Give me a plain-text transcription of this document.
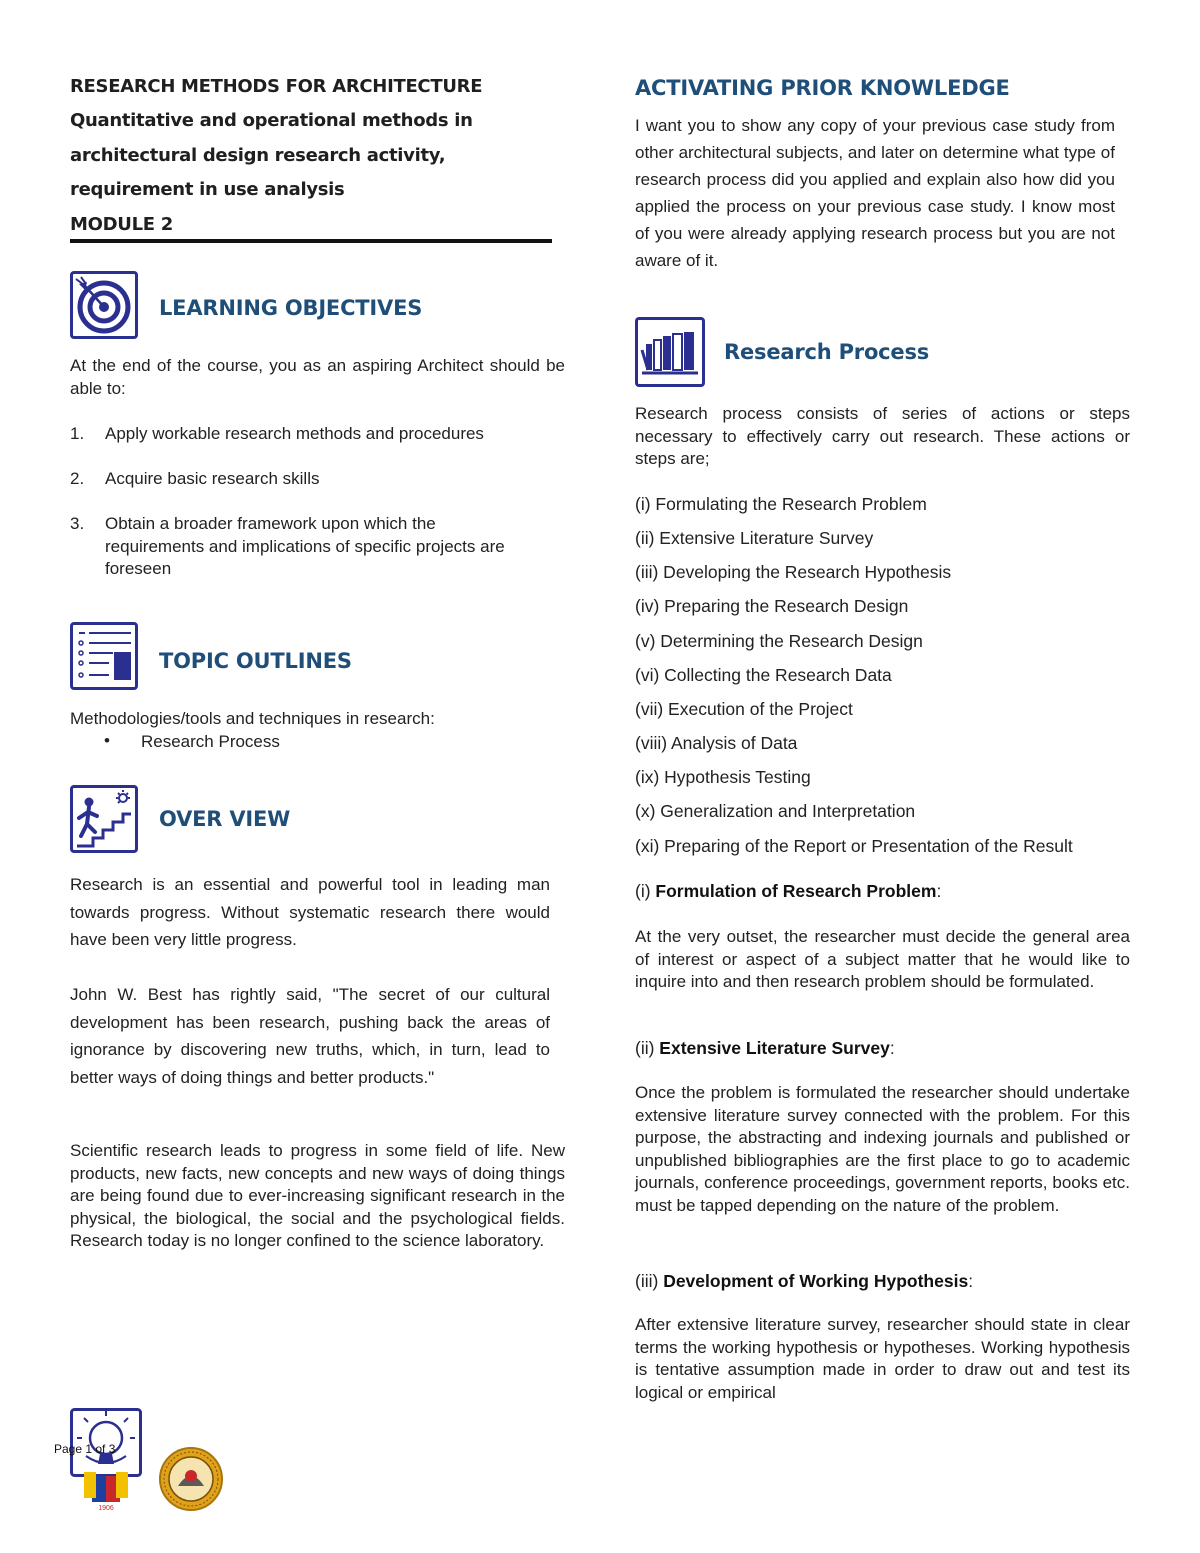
RESEARCH METHODS FOR ARCHITECTURE
Quantitative and operational methods in
architectural design research activity,
requirement in use analysis
MODULE 2
LEARNING OBJECTIVES

At the end of the course, you as an aspiring Architect should be able to:

1. Apply workable research methods and procedures
2. Acquire basic research skills
3. Obtain a broader framework upon which the requirements and implications of specific projects are foreseen
TOPIC OUTLINES

Methodologies/tools and techniques in research:

• Research Process

OVER VIEW

Research is an essential and powerful tool in leading man towards progress. Without systematic research there would have been very little progress.

John W. Best has rightly said, "The secret of our cultural development has been research, pushing back the areas of ignorance by discovering new truths, which, in turn, lead to better ways of doing things and better products."

Scientific research leads to progress in some field of life. New products, new facts, new concepts and new ways of doing things are being found due to ever-increasing significant research in the physical, the biological, the social and the psychological fields. Research today is no longer confined to the science laboratory.

ACTIVATING PRIOR KNOWLEDGE

I want you to show any copy of your previous case study from other architectural subjects, and later on determine what type of research process did you applied and explain also how did you applied the process on your previous case study. I know most of you were already applying research process but you are not aware of it.

Research Process

Research process consists of series of actions or steps necessary to effectively carry out research. These actions or steps are;

(i) Formulating the Research Problem
(ii) Extensive Literature Survey
(iii) Developing the Research Hypothesis
(iv) Preparing the Research Design
(v) Determining the Research Design
(vi) Collecting the Research Data
(vii) Execution of the Project
(viii) Analysis of Data
(ix) Hypothesis Testing
(x) Generalization and Interpretation
(xi) Preparing of the Report or Presentation of the Result

(i) Formulation of Research Problem:

At the very outset, the researcher must decide the general area of interest or aspect of a subject matter that he would like to inquire into and then research problem should be formulated.

(ii) Extensive Literature Survey:

Once the problem is formulated the researcher should undertake extensive literature survey connected with the problem. For this purpose, the abstracting and indexing journals and published or unpublished bibliographies are the first place to go to academic journals, conference proceedings, government reports, books etc. must be tapped depending on the nature of the problem.

(iii) Development of Working Hypothesis:

After extensive literature survey, researcher should state in clear terms the working hypothesis or hypotheses. Working hypothesis is tentative assumption made in order to draw out and test its logical or empirical

1906
Page 1 of 3
